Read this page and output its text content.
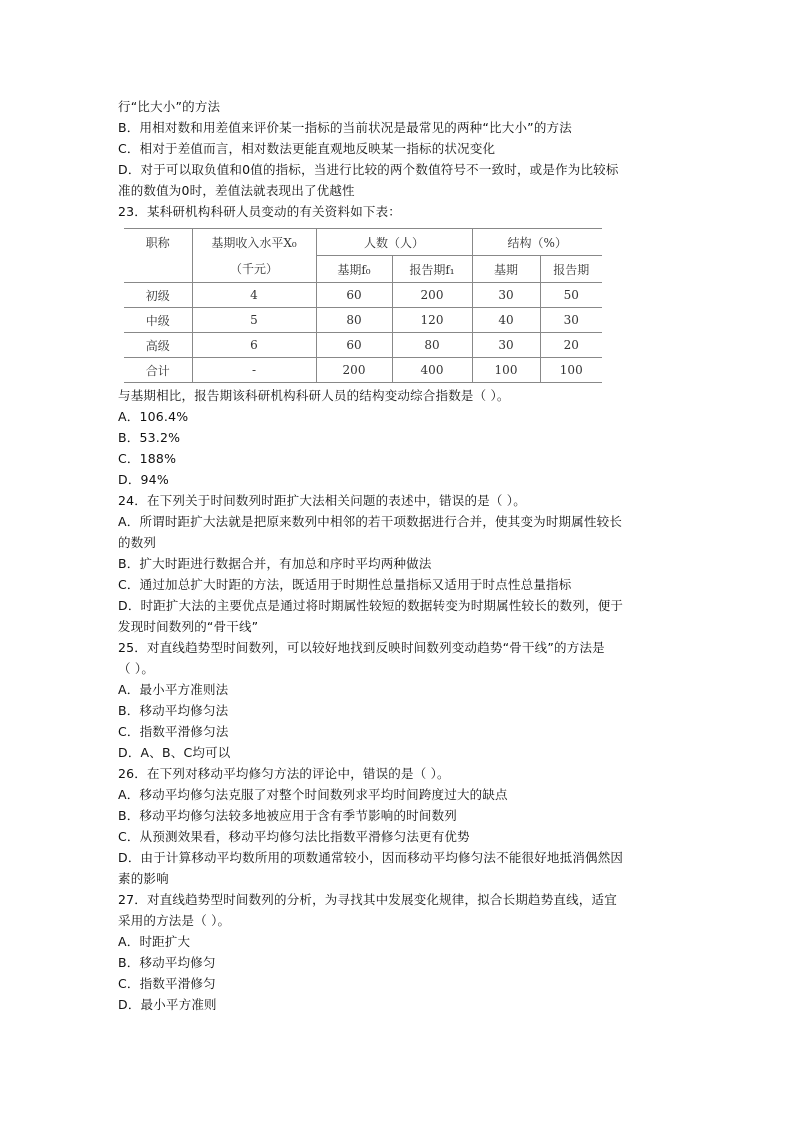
行“比大小”的方法
B．用相对数和用差值来评价某一指标的当前状况是最常见的两种“比大小”的方法
C．相对于差值而言，相对数法更能直观地反映某一指标的状况变化
D．对于可以取负值和0值的指标，当进行比较的两个数值符号不一致时，或是作为比较标
准的数值为0时，差值法就表现出了优越性
23．某科研机构科研人员变动的有关资料如下表：
职称	基期收入水平X₀	人数（人）		结构（%）	
	（千元）	基期f₀	报告期f₁	基期	报告期
初级	4	60	200	30	50
中级	5	80	120	40	30
高级	6	60	80	30	20
合计	-	200	400	100	100
与基期相比，报告期该科研机构科研人员的结构变动综合指数是（ ）。
A．106.4%
B．53.2%
C．188%
D．94%
24．在下列关于时间数列时距扩大法相关问题的表述中，错误的是（ ）。
A．所谓时距扩大法就是把原来数列中相邻的若干项数据进行合并，使其变为时期属性较长
的数列
B．扩大时距进行数据合并，有加总和序时平均两种做法
C．通过加总扩大时距的方法，既适用于时期性总量指标又适用于时点性总量指标
D．时距扩大法的主要优点是通过将时期属性较短的数据转变为时期属性较长的数列，便于
发现时间数列的“骨干线”
25．对直线趋势型时间数列，可以较好地找到反映时间数列变动趋势“骨干线”的方法是
（ ）。
A．最小平方准则法
B．移动平均修匀法
C．指数平滑修匀法
D．A、B、C均可以
26．在下列对移动平均修匀方法的评论中，错误的是（ ）。
A．移动平均修匀法克服了对整个时间数列求平均时间跨度过大的缺点
B．移动平均修匀法较多地被应用于含有季节影响的时间数列
C．从预测效果看，移动平均修匀法比指数平滑修匀法更有优势
D．由于计算移动平均数所用的项数通常较小，因而移动平均修匀法不能很好地抵消偶然因
素的影响
27．对直线趋势型时间数列的分析，为寻找其中发展变化规律，拟合长期趋势直线，适宜
采用的方法是（ ）。
A．时距扩大
B．移动平均修匀
C．指数平滑修匀
D．最小平方准则
